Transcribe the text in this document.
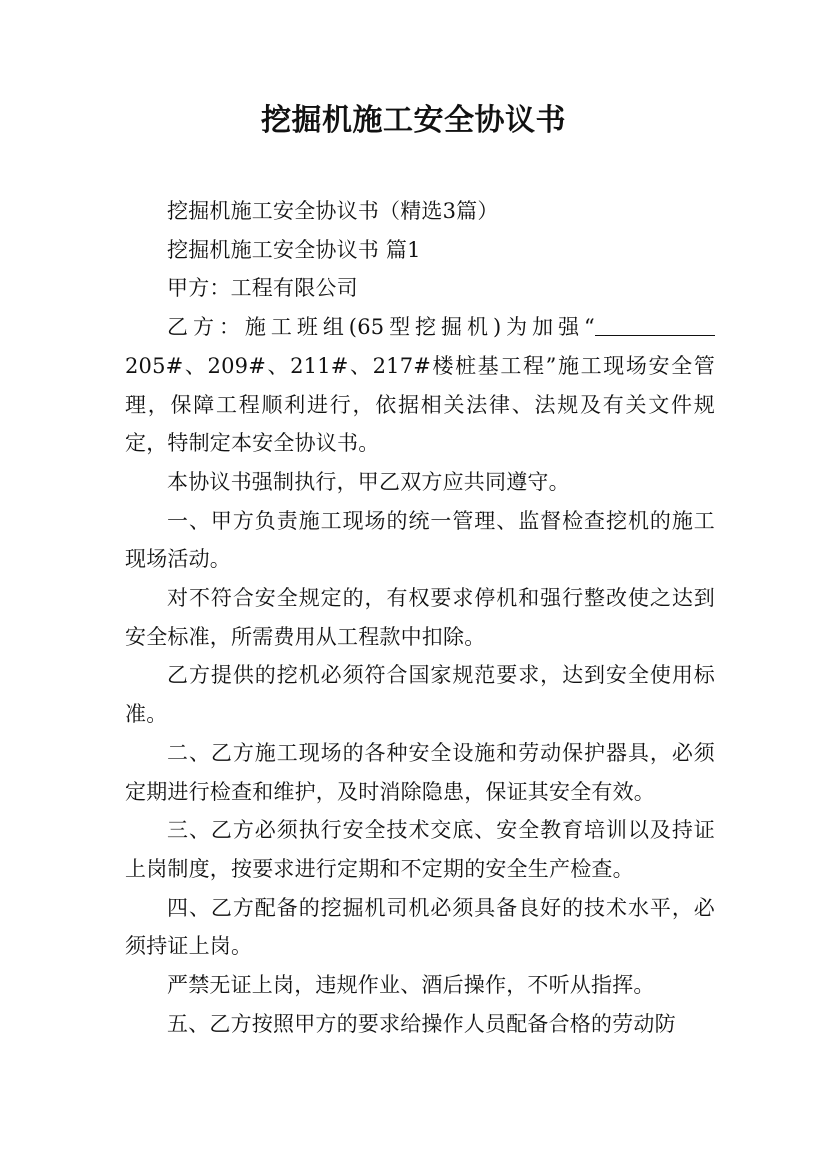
挖掘机施工安全协议书

挖掘机施工安全协议书（精选3篇）

挖掘机施工安全协议书 篇1

甲方：工程有限公司

乙方：施工班组(65型挖掘机)为加强“205#、209#、211#、217#楼桩基工程”施工现场安全管理，保障工程顺利进行，依据相关法律、法规及有关文件规定，特制定本安全协议书。

本协议书强制执行，甲乙双方应共同遵守。

一、甲方负责施工现场的统一管理、监督检查挖机的施工现场活动。

对不符合安全规定的，有权要求停机和强行整改使之达到安全标准，所需费用从工程款中扣除。

乙方提供的挖机必须符合国家规范要求，达到安全使用标准。

二、乙方施工现场的各种安全设施和劳动保护器具，必须定期进行检查和维护，及时消除隐患，保证其安全有效。

三、乙方必须执行安全技术交底、安全教育培训以及持证上岗制度，按要求进行定期和不定期的安全生产检查。

四、乙方配备的挖掘机司机必须具备良好的技术水平，必须持证上岗。

严禁无证上岗，违规作业、酒后操作，不听从指挥。

五、乙方按照甲方的要求给操作人员配备合格的劳动防
